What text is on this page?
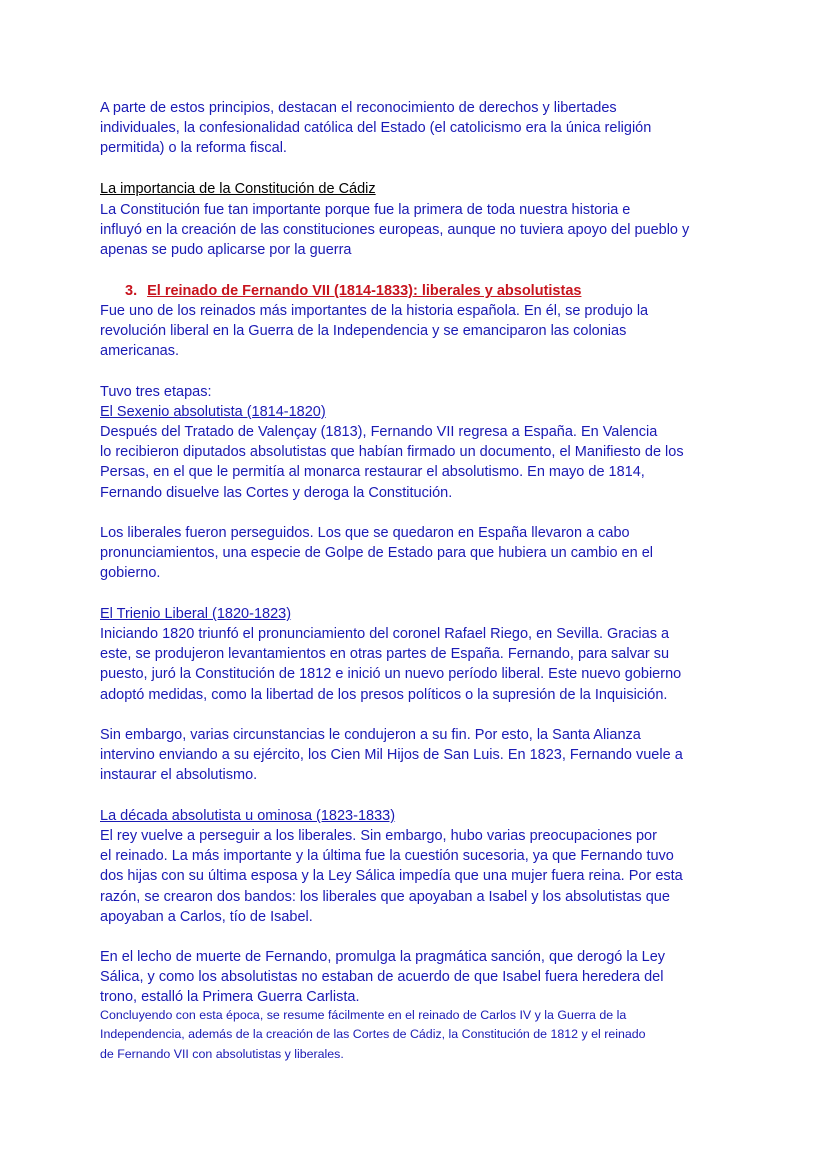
A parte de estos principios, destacan el reconocimiento de derechos y libertades
individuales, la confesionalidad católica del Estado (el catolicismo era la única religión
permitida) o la reforma fiscal.

La importancia de la Constitución de Cádiz

La Constitución fue tan importante porque fue la primera de toda nuestra historia e
influyó en la creación de las constituciones europeas, aunque no tuviera apoyo del pueblo y
apenas se pudo aplicarse por la guerra

3. El reinado de Fernando VII (1814-1833): liberales y absolutistas

Fue uno de los reinados más importantes de la historia española. En él, se produjo la
revolución liberal en la Guerra de la Independencia y se emanciparon las colonias
americanas.

Tuvo tres etapas:

El Sexenio absolutista (1814-1820)

Después del Tratado de Valençay (1813), Fernando VII regresa a España. En Valencia
lo recibieron diputados absolutistas que habían firmado un documento, el Manifiesto de los
Persas, en el que le permitía al monarca restaurar el absolutismo. En mayo de 1814,
Fernando disuelve las Cortes y deroga la Constitución.

Los liberales fueron perseguidos. Los que se quedaron en España llevaron a cabo
pronunciamientos, una especie de Golpe de Estado para que hubiera un cambio en el
gobierno.

El Trienio Liberal (1820-1823)

Iniciando 1820 triunfó el pronunciamiento del coronel Rafael Riego, en Sevilla. Gracias a
este, se produjeron levantamientos en otras partes de España. Fernando, para salvar su
puesto, juró la Constitución de 1812 e inició un nuevo período liberal. Este nuevo gobierno
adoptó medidas, como la libertad de los presos políticos o la supresión de la Inquisición.

Sin embargo, varias circunstancias le condujeron a su fin. Por esto, la Santa Alianza
intervino enviando a su ejército, los Cien Mil Hijos de San Luis. En 1823, Fernando vuele a
instaurar el absolutismo.

La década absolutista u ominosa (1823-1833)

El rey vuelve a perseguir a los liberales. Sin embargo, hubo varias preocupaciones por
el reinado. La más importante y la última fue la cuestión sucesoria, ya que Fernando tuvo
dos hijas con su última esposa y la Ley Sálica impedía que una mujer fuera reina. Por esta
razón, se crearon dos bandos: los liberales que apoyaban a Isabel y los absolutistas que
apoyaban a Carlos, tío de Isabel.

En el lecho de muerte de Fernando, promulga la pragmática sanción, que derogó la Ley
Sálica, y como los absolutistas no estaban de acuerdo de que Isabel fuera heredera del
trono, estalló la Primera Guerra Carlista.

Concluyendo con esta época, se resume fácilmente en el reinado de Carlos IV y la Guerra de la
Independencia, además de la creación de las Cortes de Cádiz, la Constitución de 1812 y el reinado
de Fernando VII con absolutistas y liberales.
